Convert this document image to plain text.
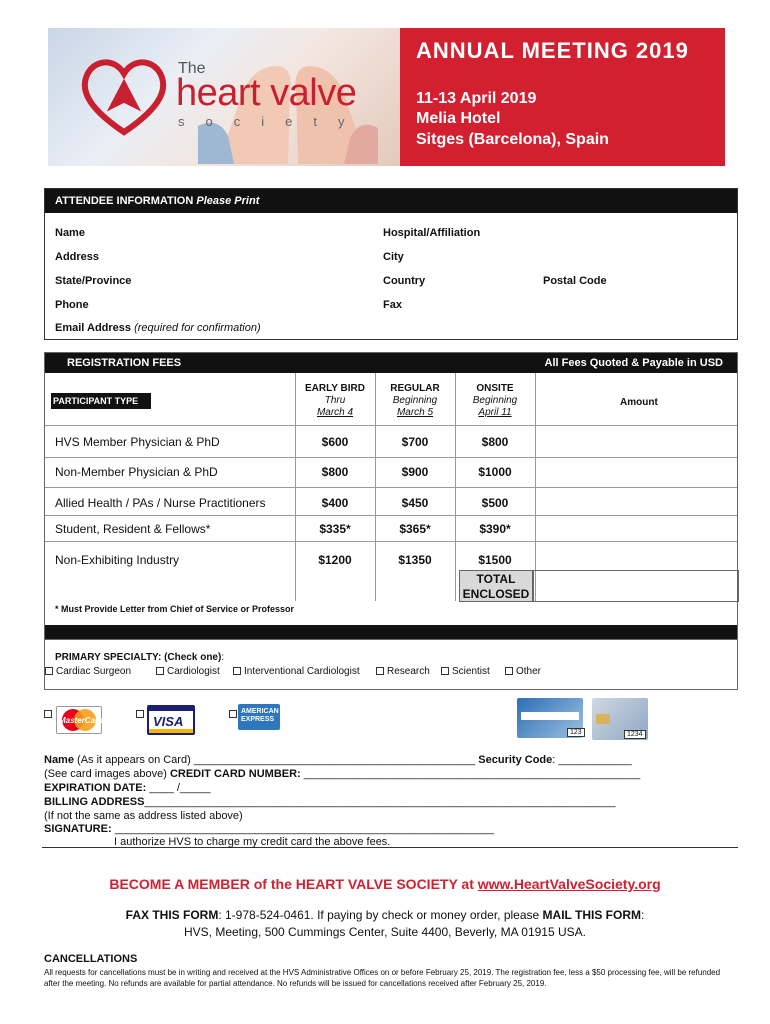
The
heart valve
society
ANNUAL MEETING 2019
11-13 April 2019
Melia Hotel
Sitges (Barcelona), Spain
ATTENDEE INFORMATION Please Print
Name	Hospital/Affiliation
Address	City
State/Province	Country	Postal Code
Phone	Fax
Email Address (required for confirmation)
REGISTRATION FEES	All Fees Quoted & Payable in USD
PARTICIPANT TYPE
EARLY BIRD
Thru
March 4
REGULAR
Beginning
March 5
ONSITE
Beginning
April 11
Amount
HVS Member Physician & PhD	$600	$700	$800
Non-Member Physician & PhD	$800	$900	$1000
Allied Health / PAs / Nurse Practitioners	$400	$450	$500
Student, Resident & Fellows*	$335*	$365*	$390*
Non-Exhibiting Industry	$1200	$1350	$1500
TOTAL
ENCLOSED
* Must Provide Letter from Chief of Service or Professor
PRIMARY SPECIALTY: (Check one):
Cardiac Surgeon	Cardiologist	Interventional Cardiologist	Research	Scientist	Other
MasterCard	VISA
AMERICAN
EXPRESS
123	1234
Name (As it appears on Card) ______________________________________________ Security Code: ____________
(See card images above) CREDIT CARD NUMBER: _______________________________________________________
EXPIRATION DATE: ____ /_____
BILLING ADDRESS_____________________________________________________________________________
(If not the same as address listed above)
SIGNATURE: ______________________________________________________________
I authorize HVS to charge my credit card the above fees.
BECOME A MEMBER of the HEART VALVE SOCIETY at www.HeartValveSociety.org
FAX THIS FORM: 1-978-524-0461. If paying by check or money order, please MAIL THIS FORM:
HVS, Meeting, 500 Cummings Center, Suite 4400, Beverly, MA 01915 USA.
CANCELLATIONS
All requests for cancellations must be in writing and received at the HVS Administrative Offices on or before February 25, 2019. The registration fee, less a $50 processing fee, will be refunded after the meeting. No refunds are available for partial attendance. No refunds will be issued for cancellations received after February 25, 2019.
